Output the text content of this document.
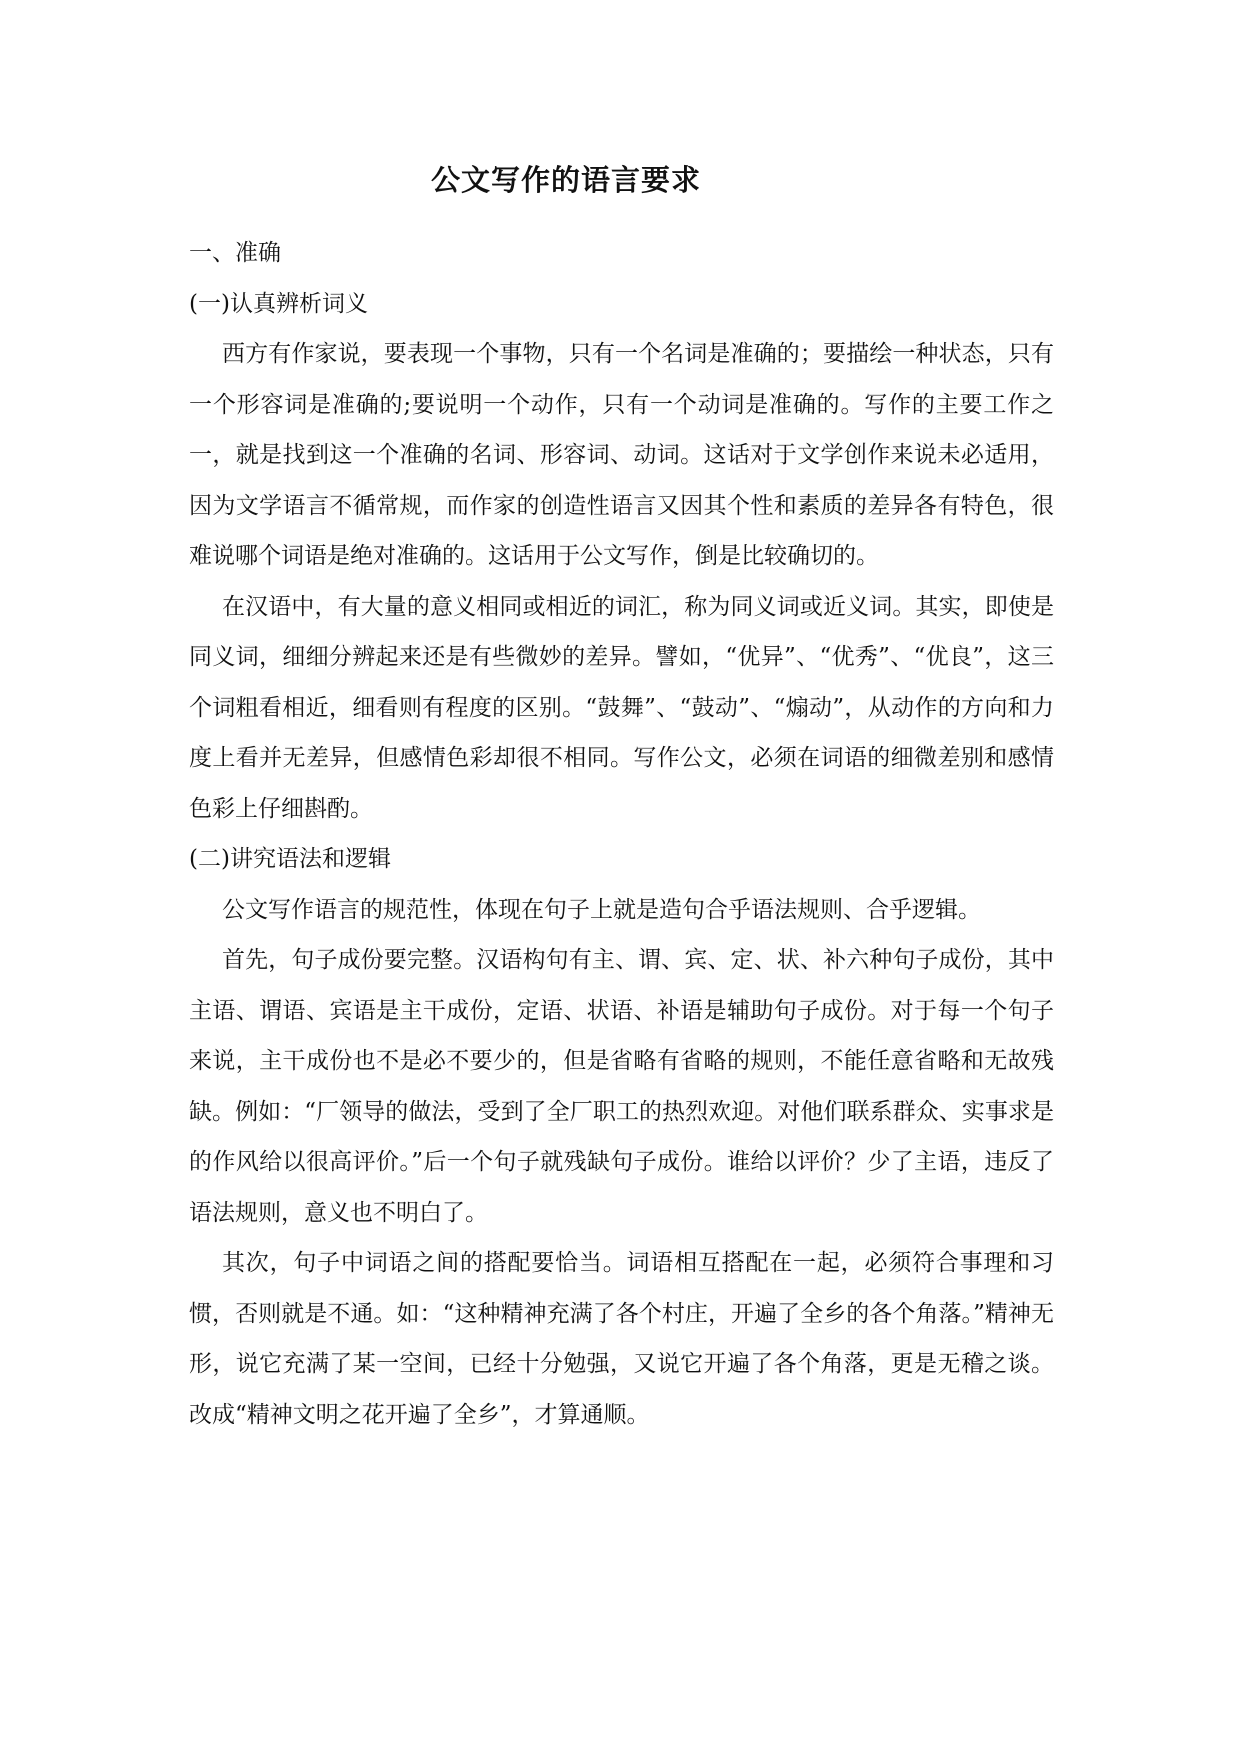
公文写作的语言要求

一、准确

(一)认真辨析词义

西方有作家说，要表现一个事物，只有一个名词是准确的；要描绘一种状态，只有一个形容词是准确的;要说明一个动作，只有一个动词是准确的。写作的主要工作之一，就是找到这一个准确的名词、形容词、动词。这话对于文学创作来说未必适用，因为文学语言不循常规，而作家的创造性语言又因其个性和素质的差异各有特色，很难说哪个词语是绝对准确的。这话用于公文写作，倒是比较确切的。

在汉语中，有大量的意义相同或相近的词汇，称为同义词或近义词。其实，即使是同义词，细细分辨起来还是有些微妙的差异。譬如，“优异”、“优秀”、“优良”，这三个词粗看相近，细看则有程度的区别。“鼓舞”、“鼓动”、“煽动”，从动作的方向和力度上看并无差异，但感情色彩却很不相同。写作公文，必须在词语的细微差别和感情色彩上仔细斟酌。

(二)讲究语法和逻辑

公文写作语言的规范性，体现在句子上就是造句合乎语法规则、合乎逻辑。

首先，句子成份要完整。汉语构句有主、谓、宾、定、状、补六种句子成份，其中主语、谓语、宾语是主干成份，定语、状语、补语是辅助句子成份。对于每一个句子来说，主干成份也不是必不要少的，但是省略有省略的规则，不能任意省略和无故残缺。例如：“厂领导的做法，受到了全厂职工的热烈欢迎。对他们联系群众、实事求是的作风给以很高评价。”后一个句子就残缺句子成份。谁给以评价？少了主语，违反了语法规则，意义也不明白了。

其次，句子中词语之间的搭配要恰当。词语相互搭配在一起，必须符合事理和习惯，否则就是不通。如：“这种精神充满了各个村庄，开遍了全乡的各个角落。”精神无形，说它充满了某一空间，已经十分勉强，又说它开遍了各个角落，更是无稽之谈。改成“精神文明之花开遍了全乡”，才算通顺。
